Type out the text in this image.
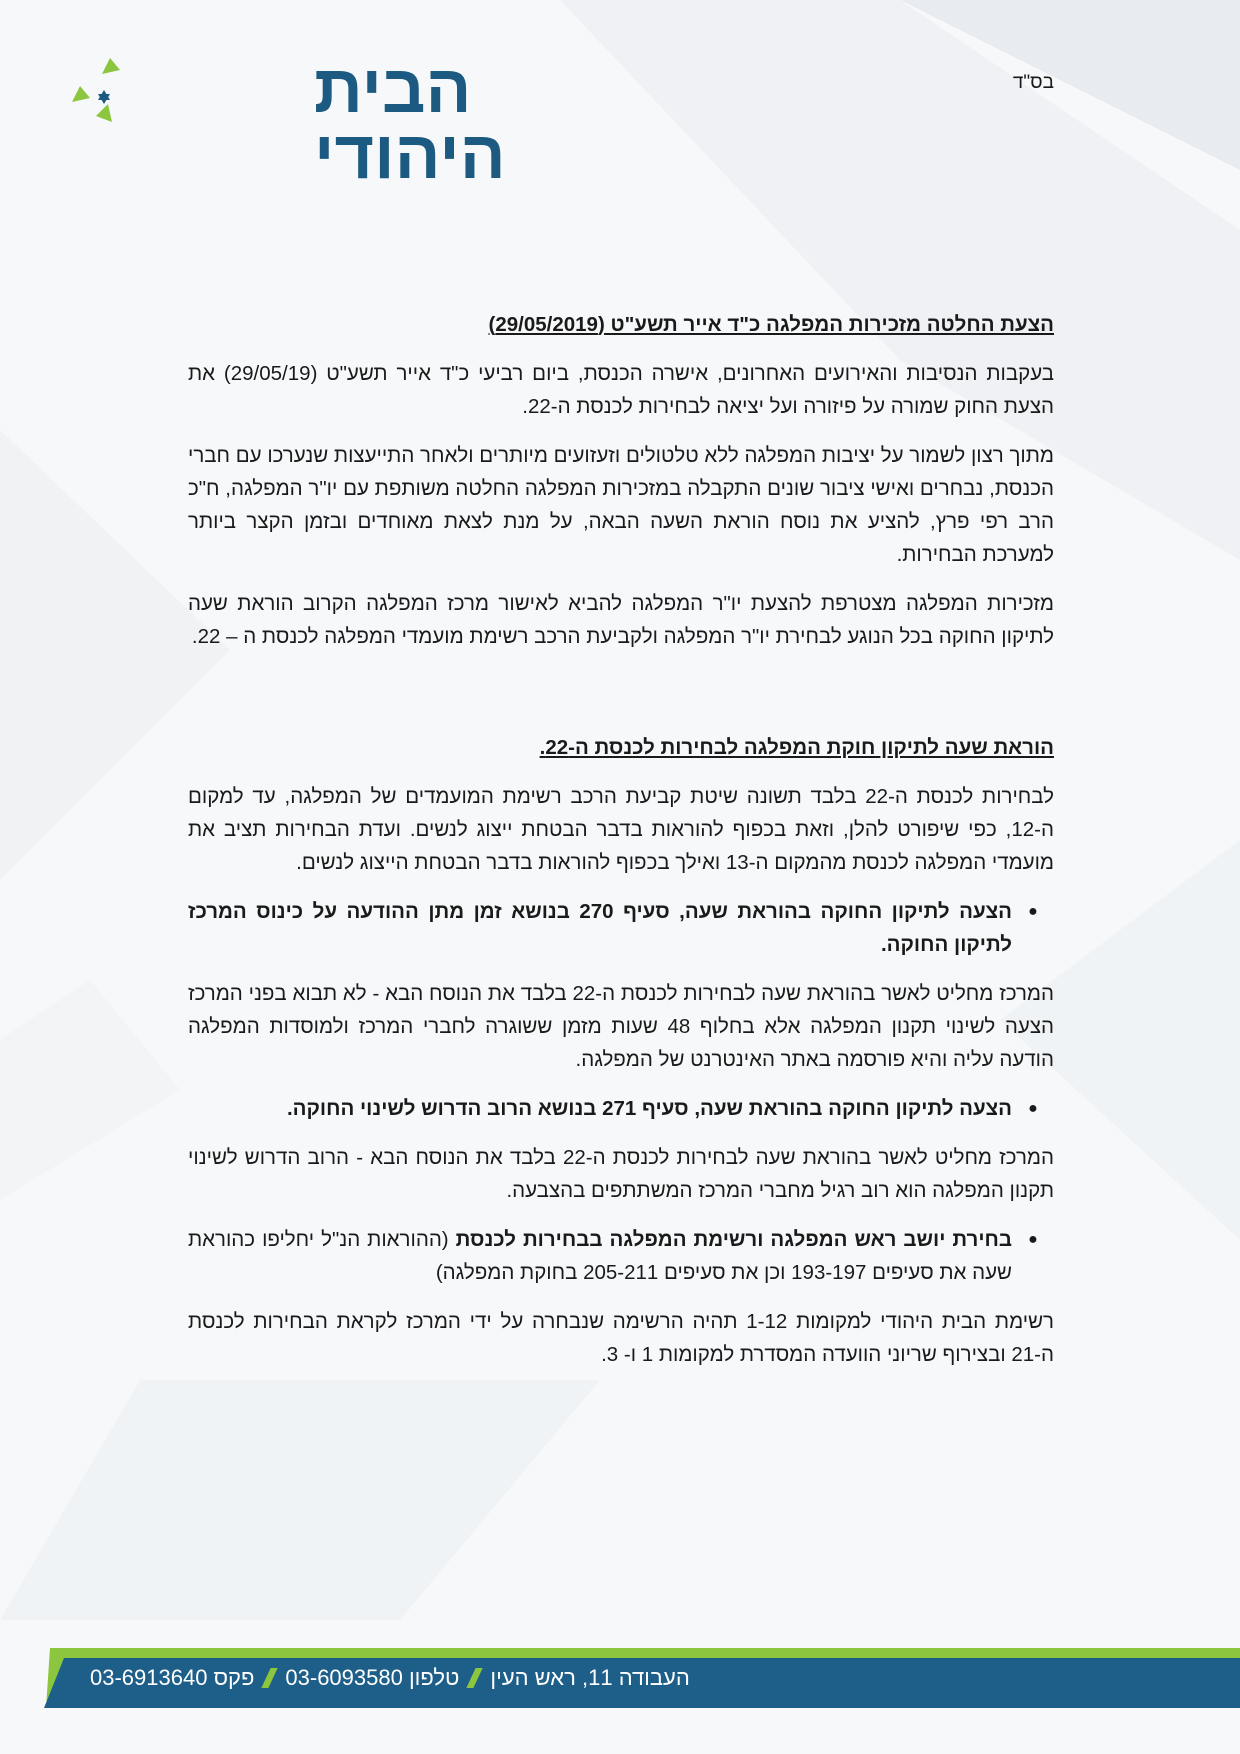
הבית
היהודי
בס"ד
הצעת החלטה מזכירות המפלגה כ"ד אייר תשע"ט (29/05/2019)

בעקבות הנסיבות והאירועים האחרונים, אישרה הכנסת, ביום רביעי כ"ד אייר תשע"ט (29/05/19) את הצעת החוק שמורה על פיזורה ועל יציאה לבחירות לכנסת ה-22.

מתוך רצון לשמור על יציבות המפלגה ללא טלטולים וזעזועים מיותרים ולאחר התייעצות שנערכו עם חברי הכנסת, נבחרים ואישי ציבור שונים התקבלה במזכירות המפלגה החלטה משותפת עם יו"ר המפלגה, ח"כ הרב רפי פרץ, להציע את נוסח הוראת השעה הבאה, על מנת לצאת מאוחדים ובזמן הקצר ביותר למערכת הבחירות.

מזכירות המפלגה מצטרפת להצעת יו"ר המפלגה להביא לאישור מרכז המפלגה הקרוב הוראת שעה לתיקון החוקה בכל הנוגע לבחירת יו"ר המפלגה ולקביעת הרכב רשימת מועמדי המפלגה לכנסת ה – 22.

הוראת שעה לתיקון חוקת המפלגה לבחירות לכנסת ה-22.

לבחירות לכנסת ה-22 בלבד תשונה שיטת קביעת הרכב רשימת המועמדים של המפלגה, עד למקום ה-12, כפי שיפורט להלן, וזאת בכפוף להוראות בדבר הבטחת ייצוג לנשים. ועדת הבחירות תציב את מועמדי המפלגה לכנסת מהמקום ה-13 ואילך בכפוף להוראות בדבר הבטחת הייצוג לנשים.

●
הצעה לתיקון החוקה בהוראת שעה, סעיף 270 בנושא זמן מתן ההודעה על כינוס המרכז לתיקון החוקה.

המרכז מחליט לאשר בהוראת שעה לבחירות לכנסת ה-22 בלבד את הנוסח הבא - לא תבוא בפני המרכז הצעה לשינוי תקנון המפלגה אלא בחלוף 48 שעות מזמן ששוגרה לחברי המרכז ולמוסדות המפלגה הודעה עליה והיא פורסמה באתר האינטרנט של המפלגה.

●
הצעה לתיקון החוקה בהוראת שעה, סעיף 271 בנושא הרוב הדרוש לשינוי החוקה.

המרכז מחליט לאשר בהוראת שעה לבחירות לכנסת ה-22 בלבד את הנוסח הבא - הרוב הדרוש לשינוי תקנון המפלגה הוא רוב רגיל מחברי המרכז המשתתפים בהצבעה.

●
בחירת יושב ראש המפלגה ורשימת המפלגה בבחירות לכנסת (ההוראות הנ"ל יחליפו כהוראת שעה את סעיפים 193-197 וכן את סעיפים 205-211 בחוקת המפלגה)

רשימת הבית היהודי למקומות 1-12 תהיה הרשימה שנבחרה על ידי המרכז לקראת הבחירות לכנסת ה-21 ובצירוף שריוני הוועדה המסדרת למקומות 1 ו- 3.

העבודה 11, ראש העין
טלפון 03-6093580
פקס 03-6913640
